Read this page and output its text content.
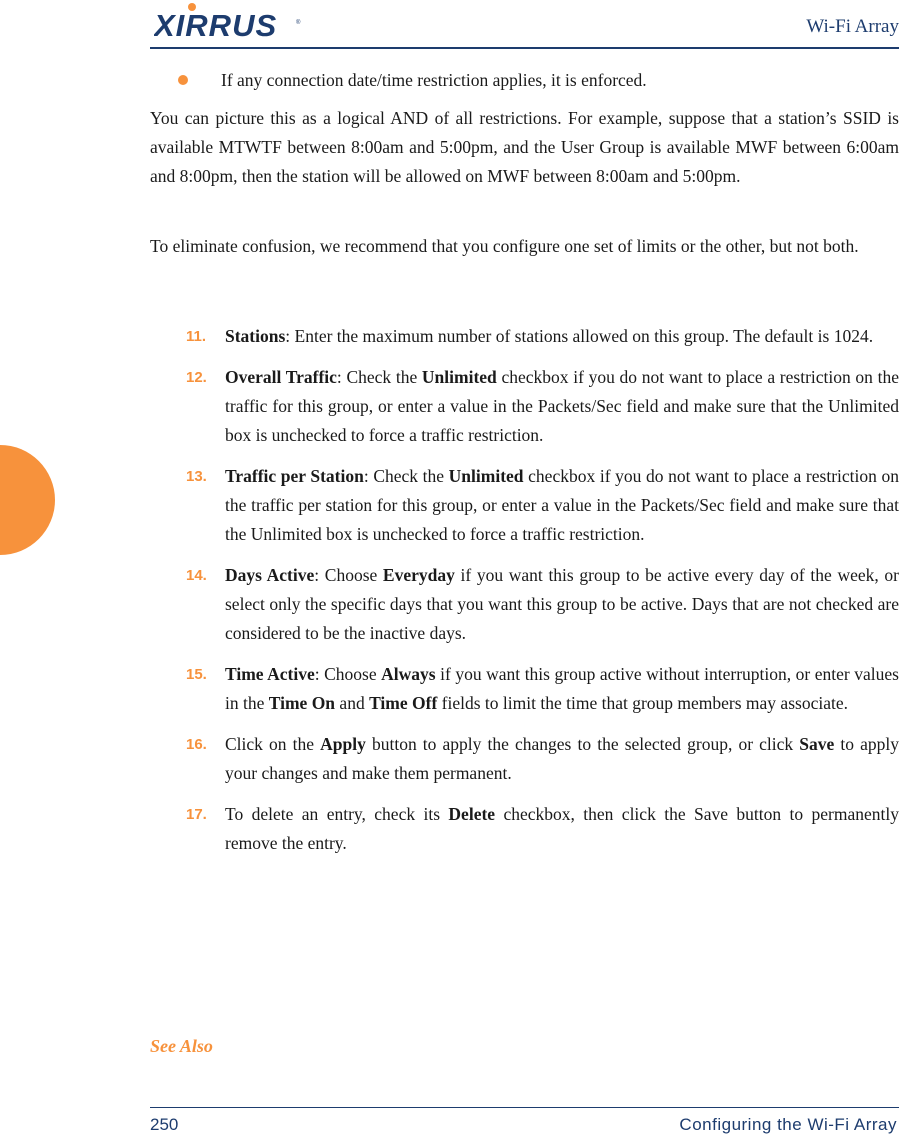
XIRRUS	®	Wi-Fi Array
If any connection date/time restriction applies, it is enforced.

You can picture this as a logical AND of all restrictions. For example, suppose that a station’s SSID is available MTWTF between 8:00am and 5:00pm, and the User Group is available MWF between 6:00am and 8:00pm, then the station will be allowed on MWF between 8:00am and 5:00pm.

To eliminate confusion, we recommend that you configure one set of limits or the other, but not both.

11. Stations: Enter the maximum number of stations allowed on this group. The default is 1024.
12. Overall Traffic: Check the Unlimited checkbox if you do not want to place a restriction on the traffic for this group, or enter a value in the Packets/Sec field and make sure that the Unlimited box is unchecked to force a traffic restriction.
13. Traffic per Station: Check the Unlimited checkbox if you do not want to place a restriction on the traffic per station for this group, or enter a value in the Packets/Sec field and make sure that the Unlimited box is unchecked to force a traffic restriction.
14. Days Active: Choose Everyday if you want this group to be active every day of the week, or select only the specific days that you want this group to be active. Days that are not checked are considered to be the inactive days.
15. Time Active: Choose Always if you want this group active without interruption, or enter values in the Time On and Time Off fields to limit the time that group members may associate.
16. Click on the Apply button to apply the changes to the selected group, or click Save to apply your changes and make them permanent.
17. To delete an entry, check its Delete checkbox, then click the Save button to permanently remove the entry.
See Also
250	Configuring the Wi-Fi Array
